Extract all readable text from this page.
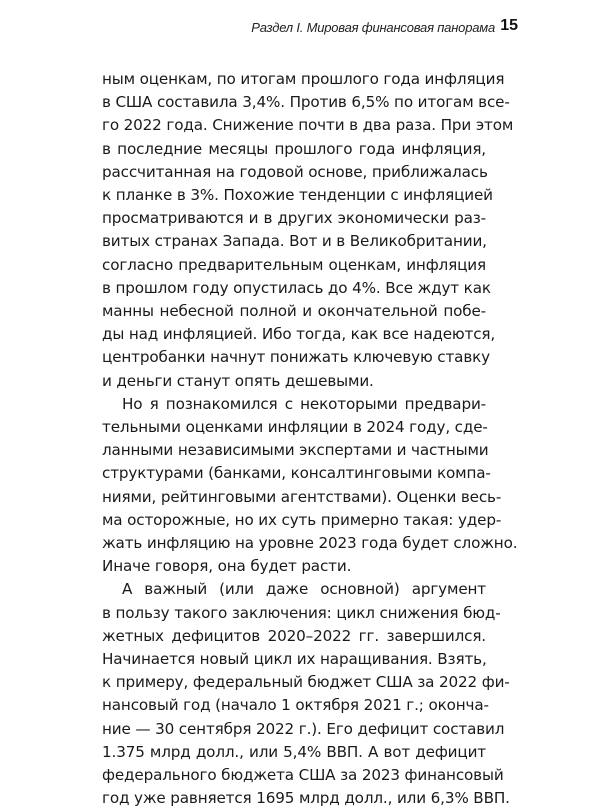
Раздел I. Мировая финансовая панорама 15

ным оценкам, по итогам прошлого года инфляция
в США составила 3,4%. Против 6,5% по итогам все-
го 2022 года. Снижение почти в два раза. При этом
в последние месяцы прошлого года инфляция,
рассчитанная на годовой основе, приближалась
к планке в 3%. Похожие тенденции с инфляцией
просматриваются и в других экономически раз-
витых странах Запада. Вот и в Великобритании,
согласно предварительным оценкам, инфляция
в прошлом году опустилась до 4%. Все ждут как
манны небесной полной и окончательной побе-
ды над инфляцией. Ибо тогда, как все надеются,
центробанки начнут понижать ключевую ставку
и деньги станут опять дешевыми.

Но я познакомился с некоторыми предвари-
тельными оценками инфляции в 2024 году, сде-
ланными независимыми экспертами и частными
структурами (банками, консалтинговыми компа-
ниями, рейтинговыми агентствами). Оценки весь-
ма осторожные, но их суть примерно такая: удер-
жать инфляцию на уровне 2023 года будет сложно.
Иначе говоря, она будет расти.

А важный (или даже основной) аргумент
в пользу такого заключения: цикл снижения бюд-
жетных дефицитов 2020–2022 гг. завершился.
Начинается новый цикл их наращивания. Взять,
к примеру, федеральный бюджет США за 2022 фи-
нансовый год (начало 1 октября 2021 г.; оконча-
ние — 30 сентября 2022 г.). Его дефицит составил
1.375 млрд долл., или 5,4% ВВП. А вот дефицит
федерального бюджета США за 2023 финансовый
год уже равняется 1695 млрд долл., или 6,3% ВВП.
